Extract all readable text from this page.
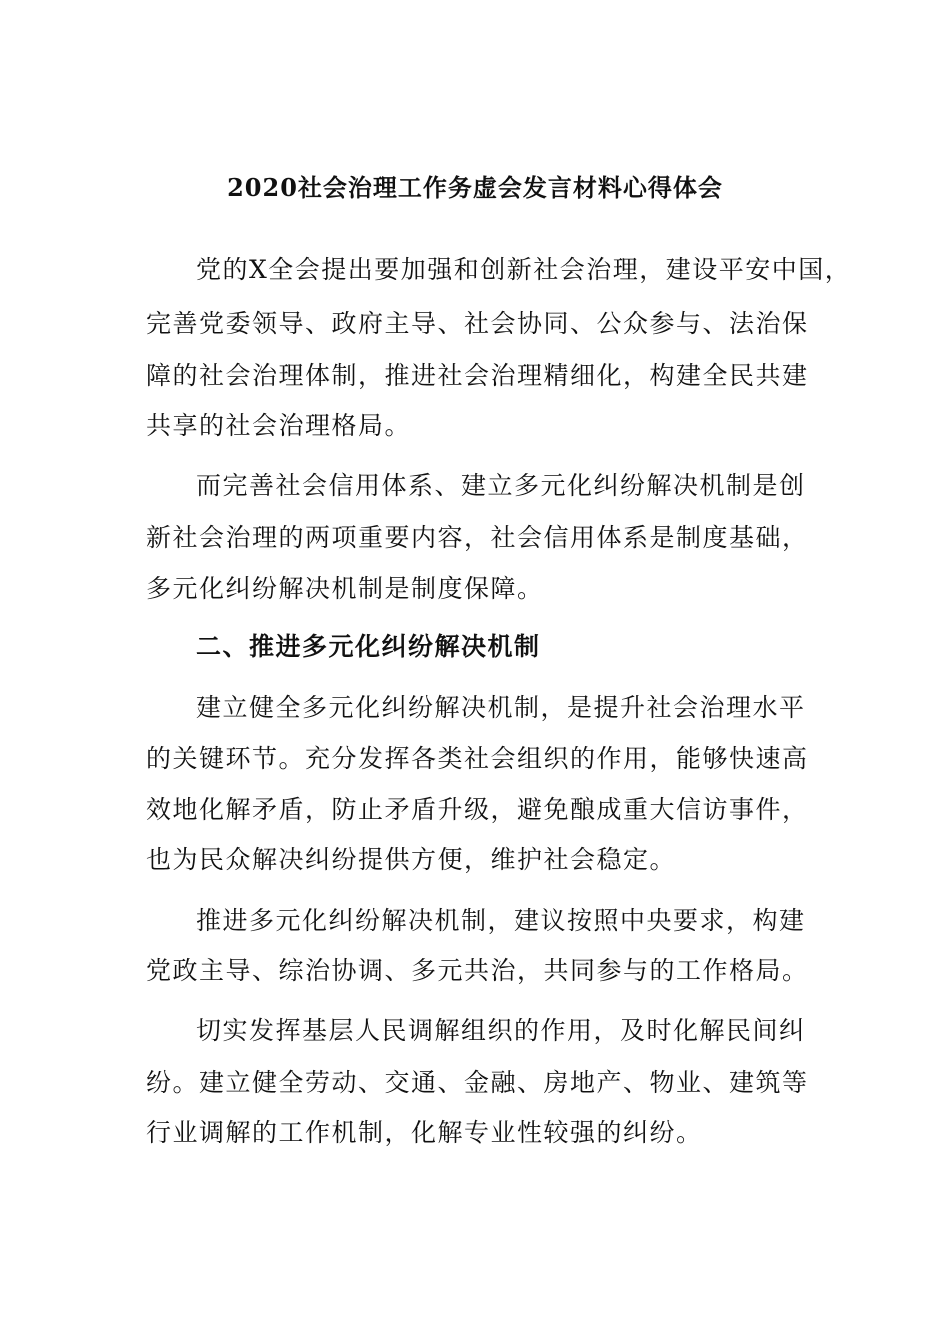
2020社会治理工作务虚会发言材料心得体会
党的X全会提出要加强和创新社会治理，建设平安中国，
完善党委领导、政府主导、社会协同、公众参与、法治保
障的社会治理体制，推进社会治理精细化，构建全民共建
共享的社会治理格局。
而完善社会信用体系、建立多元化纠纷解决机制是创
新社会治理的两项重要内容，社会信用体系是制度基础，
多元化纠纷解决机制是制度保障。
二、推进多元化纠纷解决机制
建立健全多元化纠纷解决机制，是提升社会治理水平
的关键环节。充分发挥各类社会组织的作用，能够快速高
效地化解矛盾，防止矛盾升级，避免酿成重大信访事件，
也为民众解决纠纷提供方便，维护社会稳定。
推进多元化纠纷解决机制，建议按照中央要求，构建
党政主导、综治协调、多元共治，共同参与的工作格局。
切实发挥基层人民调解组织的作用，及时化解民间纠
纷。建立健全劳动、交通、金融、房地产、物业、建筑等
行业调解的工作机制，化解专业性较强的纠纷。
